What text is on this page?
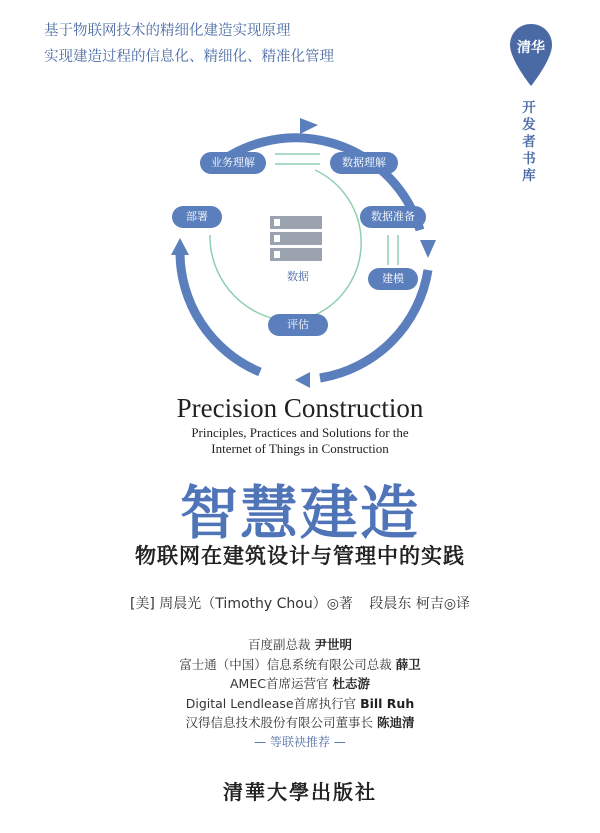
基于物联网技术的精细化建造实现原理
实现建造过程的信息化、精细化、精准化管理
清华
开发者书库
业务理解	数据理解
数据准备
建模
评估
部署
数据
Precision Construction
Principles, Practices and Solutions for the
Internet of Things in Construction
智慧建造
物联网在建筑设计与管理中的实践
[美] 周晨光（Timothy Chou）◎著 段晨东 柯吉◎译
百度副总裁 尹世明
富士通（中国）信息系统有限公司总裁 薛卫
AMEC首席运营官 杜志游
Digital Lendlease首席执行官 Bill Ruh
汉得信息技术股份有限公司董事长 陈迪清
— 等联袂推荐 —
清華大學出版社
